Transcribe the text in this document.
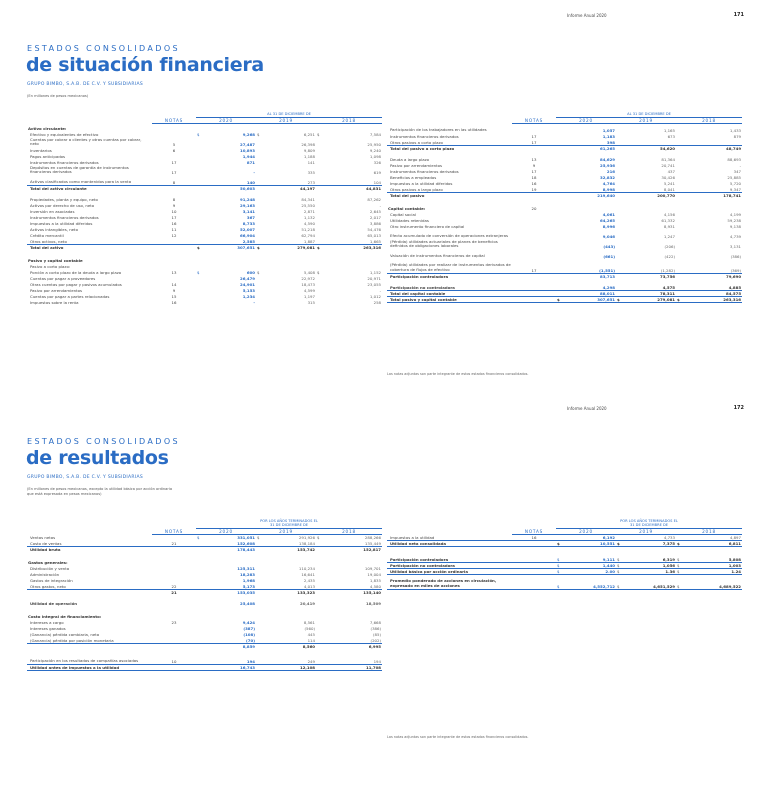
Informe Anual 2020	171
ESTADOS CONSOLIDADOS
de situación financiera
GRUPO BIMBO, S.A.B. DE C.V. Y SUBSIDIARIAS
(En millones de pesos mexicanos)
		AL 31 DE DICIEMBRE DE					
	NOTAS	2020		2019		2018	
Activo circulante:							
Efectivo y equivalentes de efectivo		$	9,268	$	6,251	$	7,584
Cuentas por cobrar a clientes y otras cuentas por cobrar, neto	5		27,487		26,398		25,950
Inventarios	6		10,893		9,809		9,240
Pagos anticipados			1,944		1,188		1,098
Instrumentos financieros derivados	17		871		141		326
Depósitos en cuentas de garantía de instrumentos financieros derivados	17		-		335		619
Activos clasificados como mantenidos para la venta	8		140		273		104
Total del activo circulante			50,603		44,197		44,831

Propiedades, planta y equipo, neto	8		91,248		84,341		87,262
Activos por derecho de uso, neto	9		29,163		25,550		-
Inversión en asociadas	10		3,141		2,871		2,645
Instrumentos financieros derivados	17		367		1,132		2,017
Impuestos a la utilidad diferidos	16		8,733		4,590		3,886
Activos intangibles, neto	11		52,007		51,218		54,476
Crédito mercantil	12		66,904		62,794		65,013
Otros activos, neto			2,585		1,887		1,665
Total del activo		$	307,651	$	279,081	$	263,316

Pasivo y capital contable							
Pasivo a corto plazo:							
Porción a corto plazo de la deuda a largo plazo	13	$	600	$	5,408	$	1,152
Cuentas por pagar a proveedores			26,479		22,972		20,971
Otras cuentas por pagar y pasivos acumulados	14		24,901		18,473		23,055
Pasivo por arrendamientos	9		5,153		4,599		-
Cuentas por pagar a partes relacionadas	15		1,234		1,197		1,012
Impuestos sobre la renta	16		-		315		258
		AL 31 DE DICIEMBRE DE					
	NOTAS	2020		2019		2018	
Participación de los trabajadores en las utilidades			1,057		1,165		1,433
Instrumentos financieros derivados	17		1,183		673		879
Otros pasivos a corto plazo	17		398				
Total del pasivo a corto plazo			61,265		54,620		48,749

Deuda a largo plazo	13		84,629		81,364		88,693
Pasivo por arrendamientos	9		25,936		20,741		-
Instrumentos financieros derivados	17		216		437		347
Beneficios a empleados	18		32,832		30,426		25,885
Impuestos a la utilidad diferidos	16		4,764		5,241		5,720
Otros pasivos a largo plazo	19		8,998		8,041		9,347
Total del pasivo			219,640		200,770		178,741

Capital contable:	20						
Capital social			4,061		4,156		4,199
Utilidades retenidas			64,265		61,332		59,238
Otro instrumento financiero de capital			8,996		8,931		9,138
Efecto acumulado de conversión de operaciones extranjeras			9,046		1,247		4,739
(Pérdida) utilidades actuariales de planes de beneficios definidos de obligaciones laborales			(443)		(206)		3,131
Valuación de instrumentos financieros de capital			(661)		(422)		(386)
(Pérdida) utilidades por realizar de instrumentos derivados de cobertura de flujos de efectivo	17		(1,551)		(1,282)		(369)
Participación controladora			83,713		73,756		79,690

Participación no controladora			4,298		4,575		4,885
Total del capital contable			88,011		78,311		84,575
Total pasivo y capital contable		$	307,651	$	279,081	$	263,316
Las notas adjuntas son parte integrante de estos estados financieros consolidados.
Informe Anual 2020	172
ESTADOS CONSOLIDADOS
de resultados
GRUPO BIMBO, S.A.B. DE C.V. Y SUBSIDIARIAS
(En millones de pesos mexicanos, excepto la utilidad básica por acción ordinaria
que está expresada en pesos mexicanos)
		POR LOS AÑOS TERMINADOS EL
31 DE DICIEMBRE DE					
	NOTAS	2020		2019		2018	
Ventas netas		$	331,051	$	291,926	$	288,266
Costo de ventas	21		152,608		138,184		135,449
Utilidad bruta			178,443		153,742		152,817

Gastos generales:							
Distribución y venta			125,311		110,234		109,701
Administración			18,283		16,641		19,004
Gastos de integración			1,968		2,435		1,835
Otros gastos, neto	22		5,173		4,013		4,580
	21		153,035		133,323		135,140

Utilidad de operación			25,408		20,419		18,509

Costo integral de financiamiento:							
Intereses a cargo	23		9,424		8,561		7,668
Intereses ganados			(387)		(560)		(386)
(Ganancia) pérdida cambiaria, neta			(108)		445		(85)
(Ganancia) pérdida por posición monetaria			(70)		114		(202)
			8,859		8,560		6,995

Participación en los resultados de compañías asociadas	10		194		249		194
Utilidad antes de impuestos a la utilidad			16,743		12,108		11,708
		POR LOS AÑOS TERMINADOS EL
31 DE DICIEMBRE DE					
	NOTAS	2020		2019		2018	
Impuestos a la utilidad	16		6,192		4,733		4,897
Utilidad neta consolidada		$	10,551	$	7,375	$	6,811

Participación controladora		$	9,111	$	6,319	$	5,808
Participación no controladora		$	1,440	$	1,056	$	1,003
Utilidad básica por acción ordinaria		$	2.00	$	1.36	$	1.24

Promedio ponderado de acciones en circulación, expresado en miles de acciones		$	4,552,712	$	4,651,529	$	4,689,522
Las notas adjuntas son parte integrante de estos estados financieros consolidados.
